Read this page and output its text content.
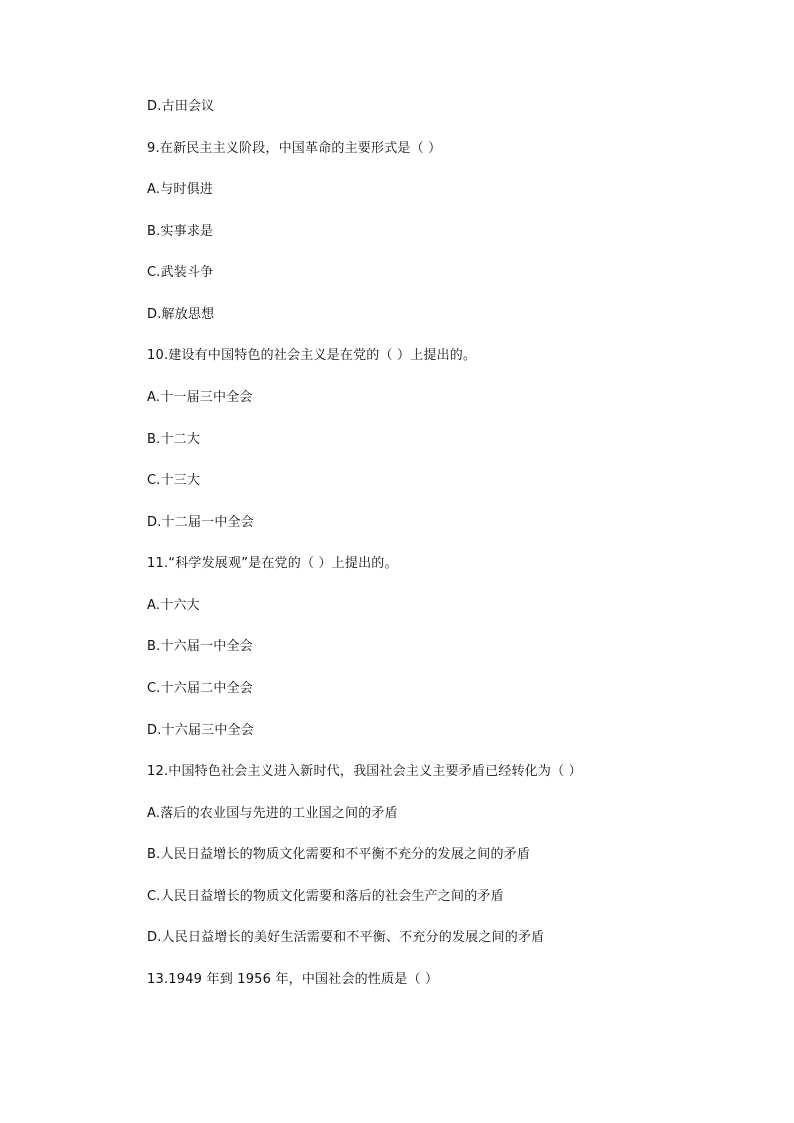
D.古田会议
9.在新民主主义阶段，中国革命的主要形式是（ ）
A.与时俱进
B.实事求是
C.武装斗争
D.解放思想
10.建设有中国特色的社会主义是在党的（ ）上提出的。
A.十一届三中全会
B.十二大
C.十三大
D.十二届一中全会
11.“科学发展观”是在党的（ ）上提出的。
A.十六大
B.十六届一中全会
C.十六届二中全会
D.十六届三中全会
12.中国特色社会主义进入新时代，我国社会主义主要矛盾已经转化为（ ）
A.落后的农业国与先进的工业国之间的矛盾
B.人民日益增长的物质文化需要和不平衡不充分的发展之间的矛盾
C.人民日益增长的物质文化需要和落后的社会生产之间的矛盾
D.人民日益增长的美好生活需要和不平衡、不充分的发展之间的矛盾
13.1949 年到 1956 年，中国社会的性质是（ ）
